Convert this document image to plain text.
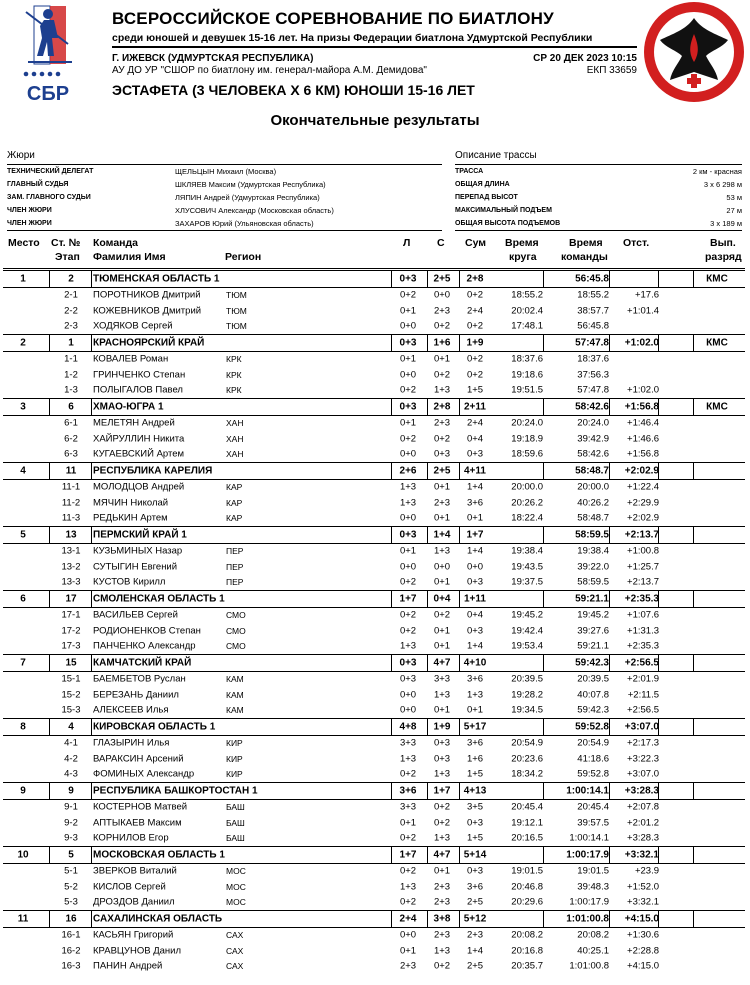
СБР
ВСЕРОССИЙСКОЕ СОРЕВНОВАНИЕ ПО БИАТЛОНУ
среди юношей и девушек 15-16 лет. На призы Федерации биатлона Удмуртской Республики
Г. ИЖЕВСК (УДМУРТСКАЯ РЕСПУБЛИКА)
АУ ДО УР "СШОР по биатлону им. генерал-майора А.М. Демидова"
СР 20 ДЕК 2023 10:15
ЕКП 33659
ЭСТАФЕТА (3 ЧЕЛОВЕКА X 6 КМ) ЮНОШИ 15-16 ЛЕТ
Окончательные результаты
Жюри
ТЕХНИЧЕСКИЙ ДЕЛЕГАТ	ЩЕЛЬЦЫН Михаил (Москва)
ГЛАВНЫЙ СУДЬЯ	ШКЛЯЕВ Максим (Удмуртская Республика)
ЗАМ. ГЛАВНОГО СУДЬИ	ЛЯПИН Андрей (Удмуртская Республика)
ЧЛЕН ЖЮРИ	ХЛУСОВИЧ Александр (Московская область)
ЧЛЕН ЖЮРИ	ЗАХАРОВ Юрий (Ульяновская область)
Описание трассы
ТРАССА	2 км - красная
ОБЩАЯ ДЛИНА	3 x 6 298 м
ПЕРЕПАД ВЫСОТ	53 м
МАКСИМАЛЬНЫЙ ПОДЪЕМ	27 м
ОБЩАЯ ВЫСОТА ПОДЪЕМОВ	3 x 189 м
Место Ст. №
Этап
Команда
Фамилия Имя	Регион
Л	С Сум Время
круга
Время
команды
Отст.	Вып.
разряд
1	2	ТЮМЕНСКАЯ ОБЛАСТЬ 1	0+3	2+5	2+8	56:45.8	КМС
2-1	ПОРОТНИКОВ Дмитрий	ТЮМ	0+2	0+0	0+2	18:55.2	18:55.2	+17.6
2-2	КОЖЕВНИКОВ Дмитрий	ТЮМ	0+1	2+3	2+4	20:02.4	38:57.7	+1:01.4
2-3	ХОДЯКОВ Сергей	ТЮМ	0+0	0+2	0+2	17:48.1	56:45.8
2	1	КРАСНОЯРСКИЙ КРАЙ	0+3	1+6	1+9	57:47.8	+1:02.0	КМС
1-1	КОВАЛЕВ Роман	КРК	0+1	0+1	0+2	18:37.6	18:37.6
1-2	ГРИНЧЕНКО Степан	КРК	0+0	0+2	0+2	19:18.6	37:56.3
1-3	ПОЛЫГАЛОВ Павел	КРК	0+2	1+3	1+5	19:51.5	57:47.8	+1:02.0
3	6	ХМАО-ЮГРА 1	0+3	2+8	2+11	58:42.6	+1:56.8	КМС
6-1	МЕЛЕТЯН Андрей	ХАН	0+1	2+3	2+4	20:24.0	20:24.0	+1:46.4
6-2	ХАЙРУЛЛИН Никита	ХАН	0+2	0+2	0+4	19:18.9	39:42.9	+1:46.6
6-3	КУГАЕВСКИЙ Артем	ХАН	0+0	0+3	0+3	18:59.6	58:42.6	+1:56.8
4	11	РЕСПУБЛИКА КАРЕЛИЯ	2+6	2+5	4+11	58:48.7	+2:02.9
11-1	МОЛОДЦОВ Андрей	КАР	1+3	0+1	1+4	20:00.0	20:00.0	+1:22.4
11-2	МЯЧИН Николай	КАР	1+3	2+3	3+6	20:26.2	40:26.2	+2:29.9
11-3	РЕДЬКИН Артем	КАР	0+0	0+1	0+1	18:22.4	58:48.7	+2:02.9
5	13	ПЕРМСКИЙ КРАЙ 1	0+3	1+4	1+7	58:59.5	+2:13.7
13-1	КУЗЬМИНЫХ Назар	ПЕР	0+1	1+3	1+4	19:38.4	19:38.4	+1:00.8
13-2	СУТЫГИН Евгений	ПЕР	0+0	0+0	0+0	19:43.5	39:22.0	+1:25.7
13-3	КУСТОВ Кирилл	ПЕР	0+2	0+1	0+3	19:37.5	58:59.5	+2:13.7
6	17	СМОЛЕНСКАЯ ОБЛАСТЬ 1	1+7	0+4	1+11	59:21.1	+2:35.3
17-1	ВАСИЛЬЕВ Сергей	СМО	0+2	0+2	0+4	19:45.2	19:45.2	+1:07.6
17-2	РОДИОНЕНКОВ Степан	СМО	0+2	0+1	0+3	19:42.4	39:27.6	+1:31.3
17-3	ПАНЧЕНКО Александр	СМО	1+3	0+1	1+4	19:53.4	59:21.1	+2:35.3
7	15	КАМЧАТСКИЙ КРАЙ	0+3	4+7	4+10	59:42.3	+2:56.5
15-1	БАЕМБЕТОВ Руслан	КАМ	0+3	3+3	3+6	20:39.5	20:39.5	+2:01.9
15-2	БЕРЕЗАНЬ Даниил	КАМ	0+0	1+3	1+3	19:28.2	40:07.8	+2:11.5
15-3	АЛЕКСЕЕВ Илья	КАМ	0+0	0+1	0+1	19:34.5	59:42.3	+2:56.5
8	4	КИРОВСКАЯ ОБЛАСТЬ 1	4+8	1+9	5+17	59:52.8	+3:07.0
4-1	ГЛАЗЫРИН Илья	КИР	3+3	0+3	3+6	20:54.9	20:54.9	+2:17.3
4-2	ВАРАКСИН Арсений	КИР	1+3	0+3	1+6	20:23.6	41:18.6	+3:22.3
4-3	ФОМИНЫХ Александр	КИР	0+2	1+3	1+5	18:34.2	59:52.8	+3:07.0
9	9	РЕСПУБЛИКА БАШКОРТОСТАН 1	3+6	1+7	4+13	1:00:14.1	+3:28.3
9-1	КОСТЕРНОВ Матвей	БАШ	3+3	0+2	3+5	20:45.4	20:45.4	+2:07.8
9-2	АПТЫКАЕВ Максим	БАШ	0+1	0+2	0+3	19:12.1	39:57.5	+2:01.2
9-3	КОРНИЛОВ Егор	БАШ	0+2	1+3	1+5	20:16.5	1:00:14.1	+3:28.3
10	5	МОСКОВСКАЯ ОБЛАСТЬ 1	1+7	4+7	5+14	1:00:17.9	+3:32.1
5-1	ЗВЕРКОВ Виталий	МОС	0+2	0+1	0+3	19:01.5	19:01.5	+23.9
5-2	КИСЛОВ Сергей	МОС	1+3	2+3	3+6	20:46.8	39:48.3	+1:52.0
5-3	ДРОЗДОВ Даниил	МОС	0+2	2+3	2+5	20:29.6	1:00:17.9	+3:32.1
11	16	САХАЛИНСКАЯ ОБЛАСТЬ	2+4	3+8	5+12	1:01:00.8	+4:15.0
16-1	КАСЬЯН Григорий	САХ	0+0	2+3	2+3	20:08.2	20:08.2	+1:30.6
16-2	КРАВЦУНОВ Данил	САХ	0+1	1+3	1+4	20:16.8	40:25.1	+2:28.8
16-3	ПАНИН Андрей	САХ	2+3	0+2	2+5	20:35.7	1:01:00.8	+4:15.0
